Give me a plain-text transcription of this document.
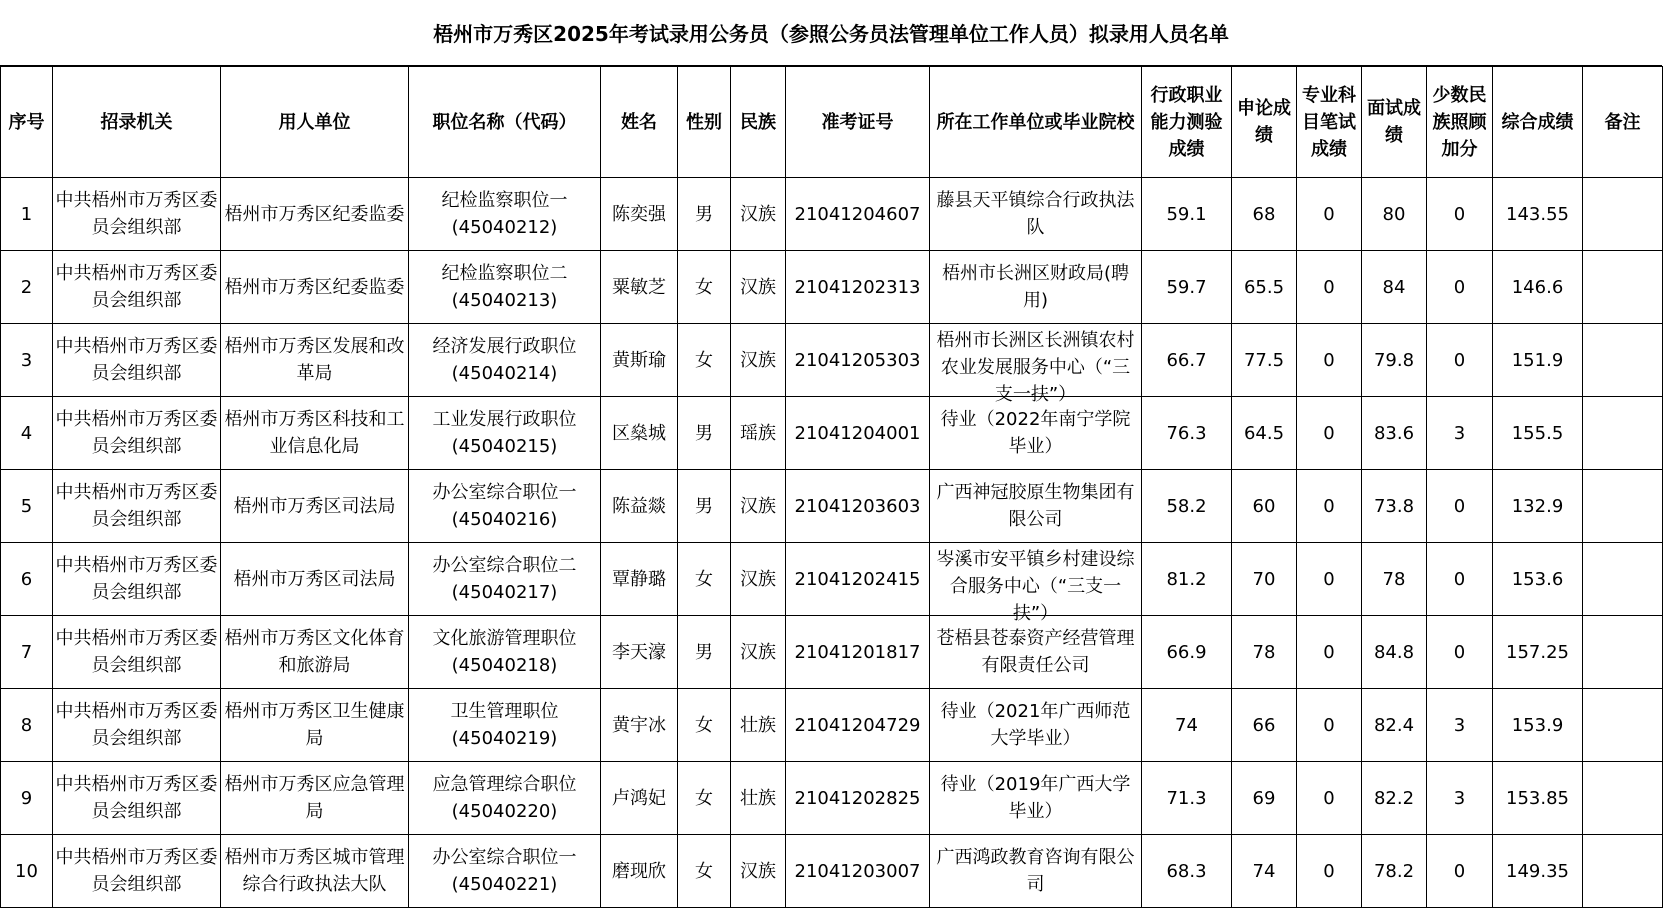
梧州市万秀区2025年考试录用公务员（参照公务员法管理单位工作人员）拟录用人员名单
序号	招录机关	用人单位	职位名称（代码）	姓名	性别	民族	准考证号	所在工作单位或毕业院校	行政职业能力测验成绩	申论成绩	专业科目笔试成绩	面试成绩	少数民族照顾加分	综合成绩	备注

1	中共梧州市万秀区委员会组织部	梧州市万秀区纪委监委	纪检监察职位一(45040212)	陈奕强	男	汉族	21041204607	藤县天平镇综合行政执法队	59.1	68	0	80	0	143.55	

2	中共梧州市万秀区委员会组织部	梧州市万秀区纪委监委	纪检监察职位二(45040213)	粟敏芝	女	汉族	21041202313	梧州市长洲区财政局(聘用)	59.7	65.5	0	84	0	146.6	

3	中共梧州市万秀区委员会组织部	梧州市万秀区发展和改革局	经济发展行政职位(45040214)	黄斯瑜	女	汉族	21041205303	梧州市长洲区长洲镇农村农业发展服务中心（“三支一扶”）	66.7	77.5	0	79.8	0	151.9	

4	中共梧州市万秀区委员会组织部	梧州市万秀区科技和工业信息化局	工业发展行政职位(45040215)	区燊城	男	瑶族	21041204001	待业（2022年南宁学院毕业）	76.3	64.5	0	83.6	3	155.5	

5	中共梧州市万秀区委员会组织部	梧州市万秀区司法局	办公室综合职位一(45040216)	陈益燚	男	汉族	21041203603	广西神冠胶原生物集团有限公司	58.2	60	0	73.8	0	132.9	

6	中共梧州市万秀区委员会组织部	梧州市万秀区司法局	办公室综合职位二(45040217)	覃静璐	女	汉族	21041202415	岑溪市安平镇乡村建设综合服务中心（“三支一扶”）	81.2	70	0	78	0	153.6	

7	中共梧州市万秀区委员会组织部	梧州市万秀区文化体育和旅游局	文化旅游管理职位(45040218)	李天濠	男	汉族	21041201817	苍梧县苍泰资产经营管理有限责任公司	66.9	78	0	84.8	0	157.25	

8	中共梧州市万秀区委员会组织部	梧州市万秀区卫生健康局	卫生管理职位(45040219)	黄宇冰	女	壮族	21041204729	待业（2021年广西师范大学毕业）	74	66	0	82.4	3	153.9	

9	中共梧州市万秀区委员会组织部	梧州市万秀区应急管理局	应急管理综合职位(45040220)	卢鸿妃	女	壮族	21041202825	待业（2019年广西大学毕业）	71.3	69	0	82.2	3	153.85	

10	中共梧州市万秀区委员会组织部	梧州市万秀区城市管理综合行政执法大队	办公室综合职位一(45040221)	磨现欣	女	汉族	21041203007	广西鸿政教育咨询有限公司	68.3	74	0	78.2	0	149.35	
